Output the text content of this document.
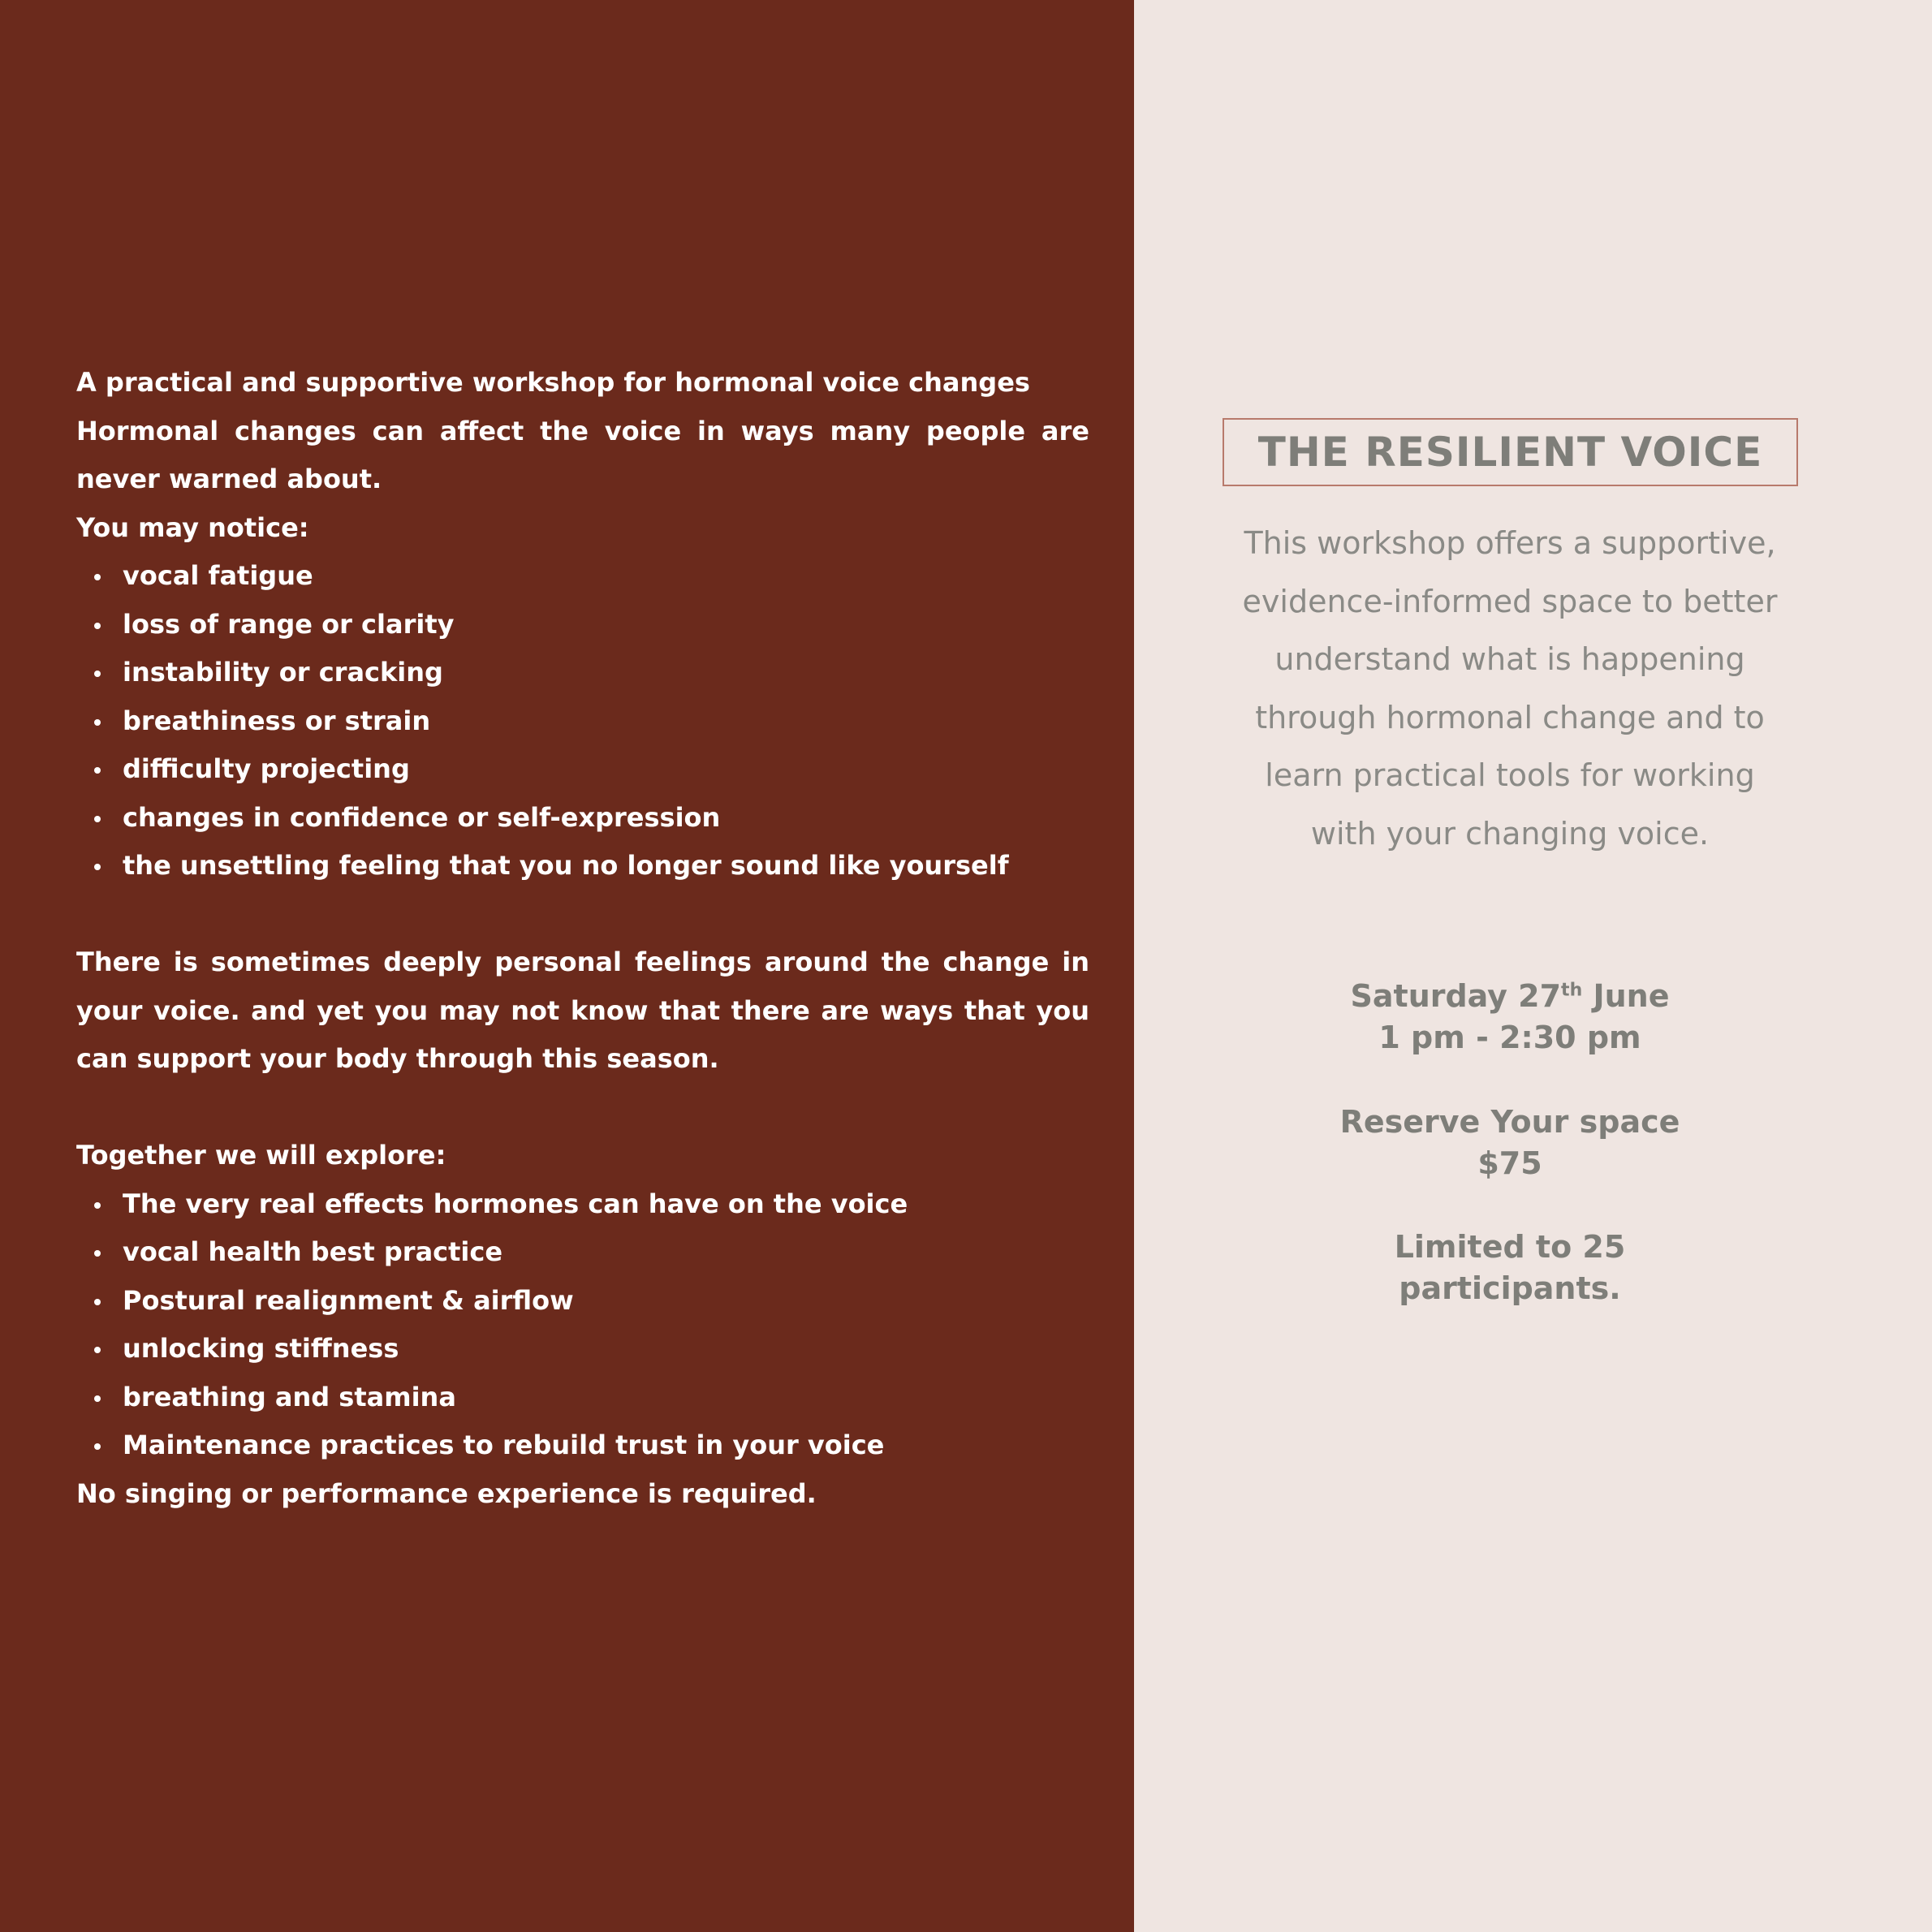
A practical and supportive workshop for hormonal voice changes

Hormonal changes can affect the voice in ways many people are never warned about.

You may notice:

vocal fatigue
loss of range or clarity
instability or cracking
breathiness or strain
difficulty projecting
changes in confidence or self-expression
the unsettling feeling that you no longer sound like yourself

There is sometimes deeply personal feelings around the change in your voice. and yet you may not know that there are ways that you can support your body through this season.

Together we will explore:

The very real effects hormones can have on the voice
vocal health best practice
Postural realignment & airflow
unlocking stiffness
breathing and stamina
Maintenance practices to rebuild trust in your voice

No singing or performance experience is required.

THE RESILIENT VOICE
This workshop offers a supportive, evidence-informed space to better understand what is happening through hormonal change and to learn practical tools for working with your changing voice.
Saturday 27th June
1 pm - 2:30 pm
Reserve Your space
$75
Limited to 25
participants.
